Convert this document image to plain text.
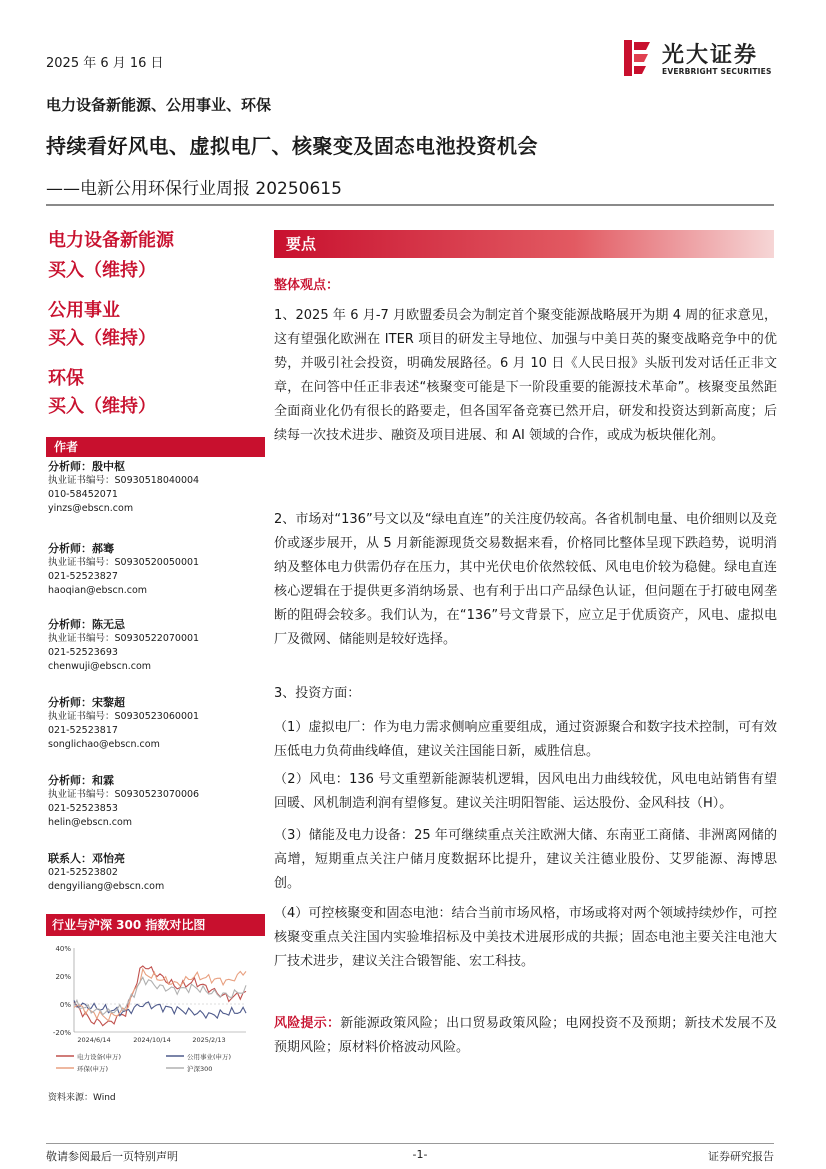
2025 年 6 月 16 日	光大证券
EVERBRIGHT SECURITIES
电力设备新能源、公用事业、环保
持续看好风电、虚拟电厂、核聚变及固态电池投资机会
——电新公用环保行业周报 20250615
电力设备新能源
买入（维持）
公用事业
买入（维持）
环保
买入（维持）
作者
分析师：殷中枢
执业证书编号：S0930518040004
010-58452071
yinzs@ebscn.com
分析师：郝骞
执业证书编号：S0930520050001
021-52523827
haoqian@ebscn.com
分析师：陈无忌
执业证书编号：S0930522070001
021-52523693
chenwuji@ebscn.com
分析师：宋黎超
执业证书编号：S0930523060001
021-52523817
songlichao@ebscn.com
分析师：和霖
执业证书编号：S0930523070006
021-52523853
helin@ebscn.com
联系人：邓怡亮
021-52523802
dengyiliang@ebscn.com
行业与沪深 300 指数对比图
40%
20%
0%
-20%
2024/6/14	2024/10/14	2025/2/13
电力设备(申万)	公用事业(申万)
环保(申万)	沪深300
资料来源：Wind
要点
整体观点：
1、2025 年 6 月-7 月欧盟委员会为制定首个聚变能源战略展开为期 4 周的征求意见，这有望强化欧洲在 ITER 项目的研发主导地位、加强与中美日英的聚变战略竞争中的优势，并吸引社会投资，明确发展路径。6 月 10 日《人民日报》头版刊发对话任正非文章，在问答中任正非表述“核聚变可能是下一阶段重要的能源技术革命”。核聚变虽然距全面商业化仍有很长的路要走，但各国军备竞赛已然开启，研发和投资达到新高度；后续每一次技术进步、融资及项目进展、和 AI 领域的合作，或成为板块催化剂。
2、市场对“136”号文以及“绿电直连”的关注度仍较高。各省机制电量、电价细则以及竞价或逐步展开，从 5 月新能源现货交易数据来看，价格同比整体呈现下跌趋势，说明消纳及整体电力供需仍存在压力，其中光伏电价依然较低、风电电价较为稳健。绿电直连核心逻辑在于提供更多消纳场景、也有利于出口产品绿色认证，但问题在于打破电网垄断的阻碍会较多。我们认为，在“136”号文背景下，应立足于优质资产，风电、虚拟电厂及微网、储能则是较好选择。
3、投资方面：
（1）虚拟电厂：作为电力需求侧响应重要组成，通过资源聚合和数字技术控制，可有效压低电力负荷曲线峰值，建议关注国能日新，威胜信息。
（2）风电：136 号文重塑新能源装机逻辑，因风电出力曲线较优，风电电站销售有望回暖、风机制造利润有望修复。建议关注明阳智能、运达股份、金风科技（H）。
（3）储能及电力设备：25 年可继续重点关注欧洲大储、东南亚工商储、非洲离网储的高增，短期重点关注户储月度数据环比提升，建议关注德业股份、艾罗能源、海博思创。
（4）可控核聚变和固态电池：结合当前市场风格，市场或将对两个领域持续炒作，可控核聚变重点关注国内实验堆招标及中美技术进展形成的共振；固态电池主要关注电池大厂技术进步，建议关注合锻智能、宏工科技。
风险提示：新能源政策风险；出口贸易政策风险；电网投资不及预期；新技术发展不及预期风险；原材料价格波动风险。
敬请参阅最后一页特别声明	-1-	证券研究报告
